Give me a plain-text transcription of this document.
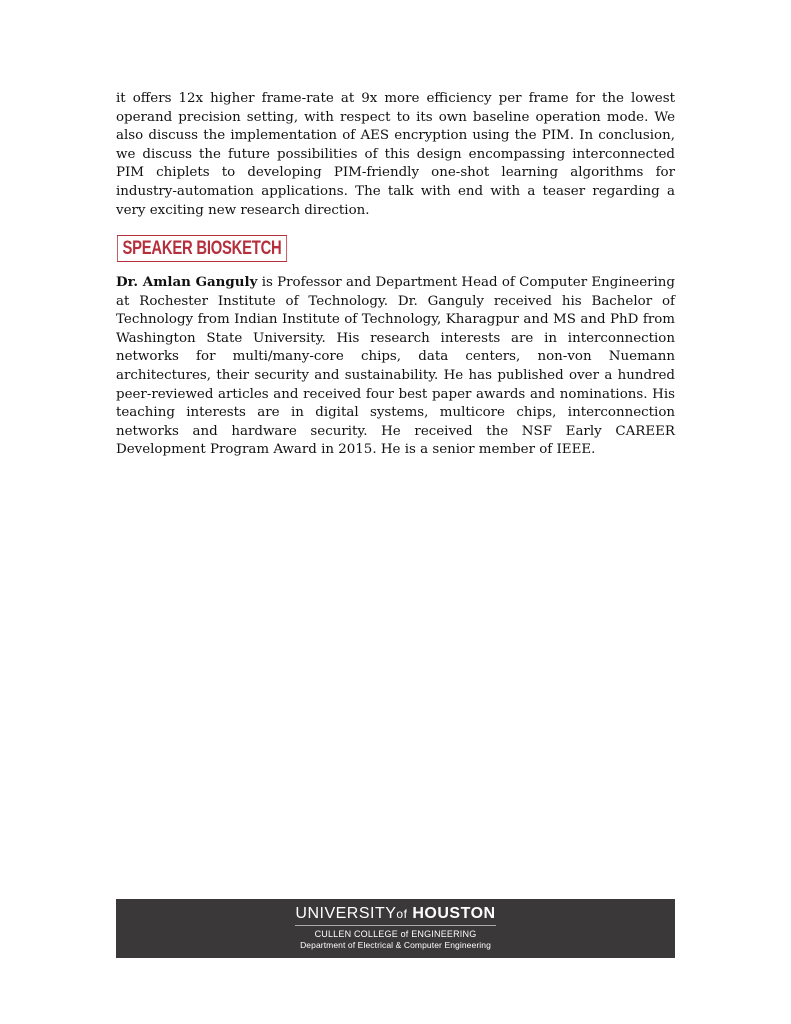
it offers 12x higher frame-rate at 9x more efficiency per frame for the lowest operand precision setting, with respect to its own baseline operation mode. We also discuss the implementation of AES encryption using the PIM. In conclusion, we discuss the future possibilities of this design encompassing interconnected PIM chiplets to developing PIM-friendly one-shot learning algorithms for industry-automation applications. The talk with end with a teaser regarding a very exciting new research direction.

SPEAKER BIOSKETCH

Dr. Amlan Ganguly is Professor and Department Head of Computer Engineering at Rochester Institute of Technology. Dr. Ganguly received his Bachelor of Technology from Indian Institute of Technology, Kharagpur and MS and PhD from Washington State University. His research interests are in interconnection networks for multi/many-core chips, data centers, non-von Nuemann architectures, their security and sustainability. He has published over a hundred peer-reviewed articles and received four best paper awards and nominations. His teaching interests are in digital systems, multicore chips, interconnection networks and hardware security. He received the NSF Early CAREER Development Program Award in 2015. He is a senior member of IEEE.

UNIVERSITYof HOUSTON
CULLEN COLLEGE of ENGINEERING
Department of Electrical & Computer Engineering
